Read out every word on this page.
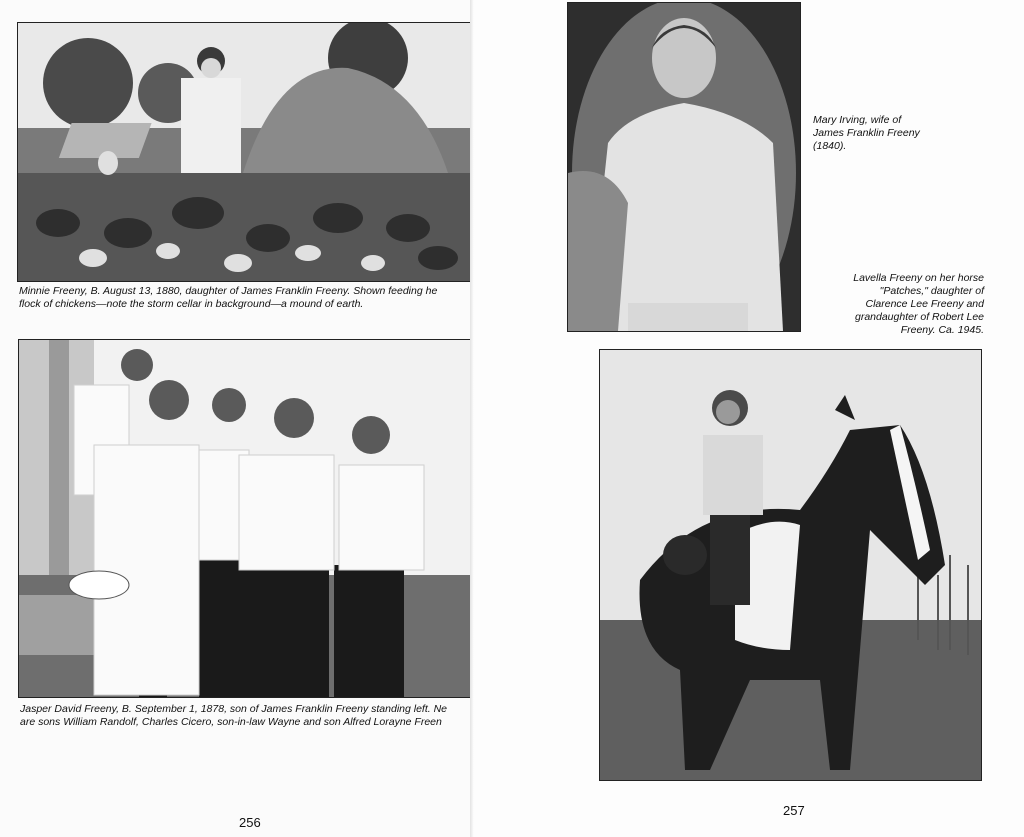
Minnie Freeny, B. August 13, 1880, daughter of James Franklin Freeny. Shown feeding he
flock of chickens—note the storm cellar in background—a mound of earth.

Jasper David Freeny, B. September 1, 1878, son of James Franklin Freeny standing left. Ne
are sons William Randolf, Charles Cicero, son-in-law Wayne and son Alfred Lorayne Freen

256

Mary Irving, wife of
James Franklin Freeny
(1840).

Lavella Freeny on her horse
"Patches," daughter of
Clarence Lee Freeny and
grandaughter of Robert Lee
Freeny. Ca. 1945.

257
